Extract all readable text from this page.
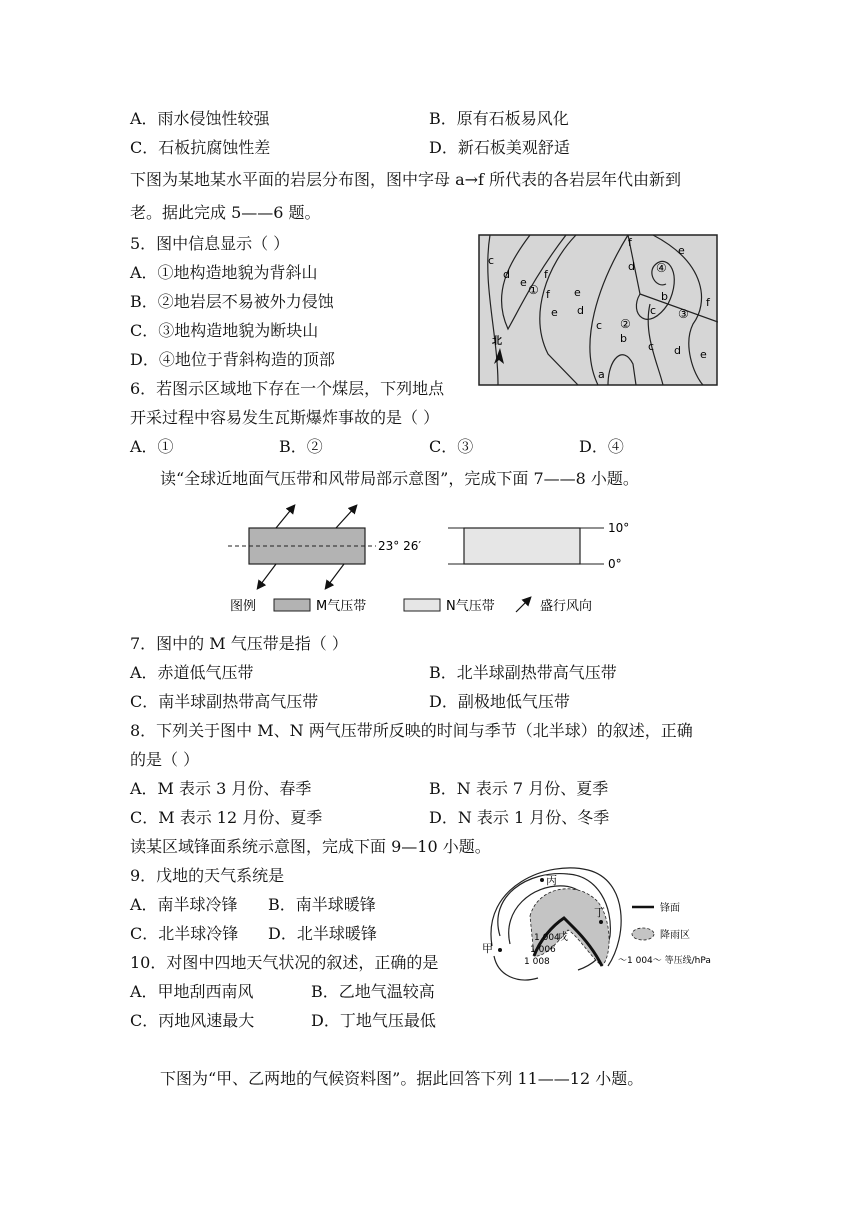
A．雨水侵蚀性较强	B．原有石板易风化
C．石板抗腐蚀性差	D．新石板美观舒适
下图为某地某水平面的岩层分布图，图中字母 a→f 所代表的各岩层年代由新到
老。据此完成 5——6 题。
5．图中信息显示（ ）
A．①地构造地貌为背斜山
B．②地岩层不易被外力侵蚀
C．③地构造地貌为断块山
D．④地位于背斜构造的顶部
6．若图示区域地下存在一个煤层，下列地点
开采过程中容易发生瓦斯爆炸事故的是（ ）
A．①	B．②	C．③	D．④
c
d
e
f
f
e
e
d
c
b
f
d
e
c
b
c d e
f
a
①
②
③
④
北
读“全球近地面气压带和风带局部示意图”，完成下面 7——8 小题。
23° 26′
10°
0°
图例	M气压带	N气压带	盛行风向
7．图中的 M 气压带是指（ ）
A．赤道低气压带	B．北半球副热带高气压带
C．南半球副热带高气压带	D．副极地低气压带
8．下列关于图中 M、N 两气压带所反映的时间与季节（北半球）的叙述，正确
的是（ ）
A．M 表示 3 月份、春季	B．N 表示 7 月份、夏季
C．M 表示 12 月份、夏季	D．N 表示 1 月份、冬季
读某区域锋面系统示意图，完成下面 9—10 小题。
9．戊地的天气系统是
A．南半球冷锋 B．南半球暖锋
C．北半球冷锋 D．北半球暖锋
10．对图中四地天气状况的叙述，正确的是
A．甲地刮西南风	B．乙地气温较高
C．丙地风速最大	D．丁地气压最低
丙
丁
甲
戊
1 004
1 006
1 008
锋面
降雨区
～1 004～ 等压线/hPa
下图为“甲、乙两地的气候资料图”。据此回答下列 11——12 小题。
